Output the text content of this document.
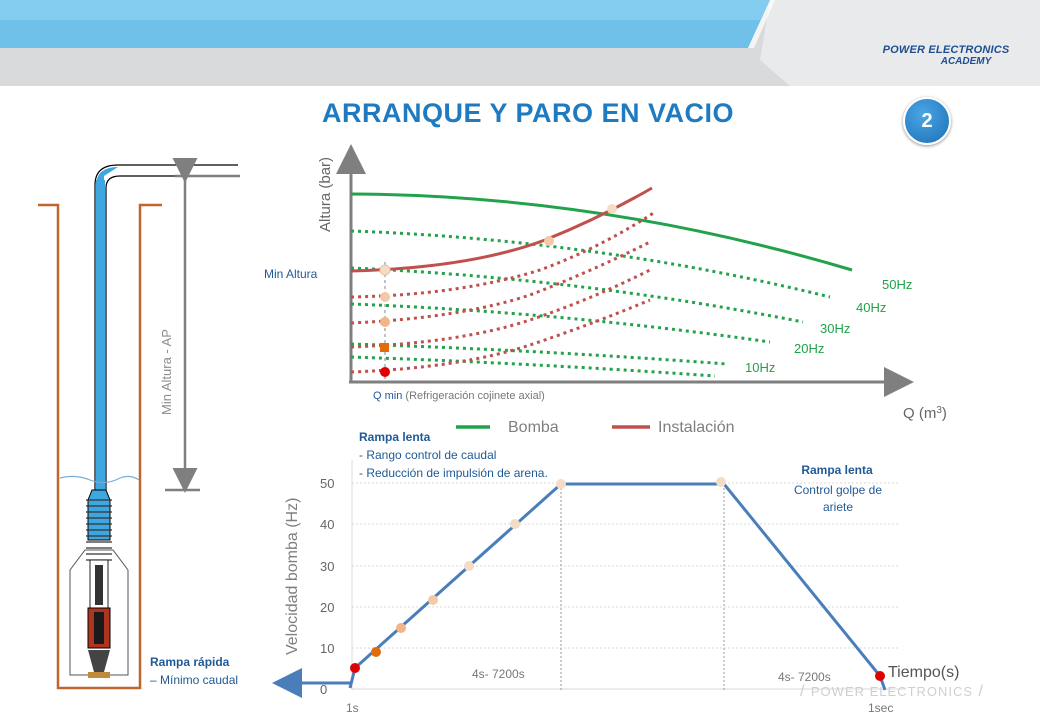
POWER ELECTRONICS
ACADEMY
ARRANQUE Y PARO EN VACIO	2
Min Altura - AP
Rampa rápida
– Mínimo caudal
Altura (bar)
Q $(m^3)$
Min Altura
Q min (Refrigeración cojinete axial)
50Hz
40Hz
30Hz
20Hz
10Hz
Bomba	Instalación
50
40
30
20
10
0
Velocidad bomba (Hz)
4s- 7200s	4s- 7200s
1s	1sec
Tiempo(s)
Rampa lenta
- Rango control de caudal
- Reducción de impulsión de arena.	Rampa lenta
Control golpe de
ariete
/ POWER ELECTRONICS /
